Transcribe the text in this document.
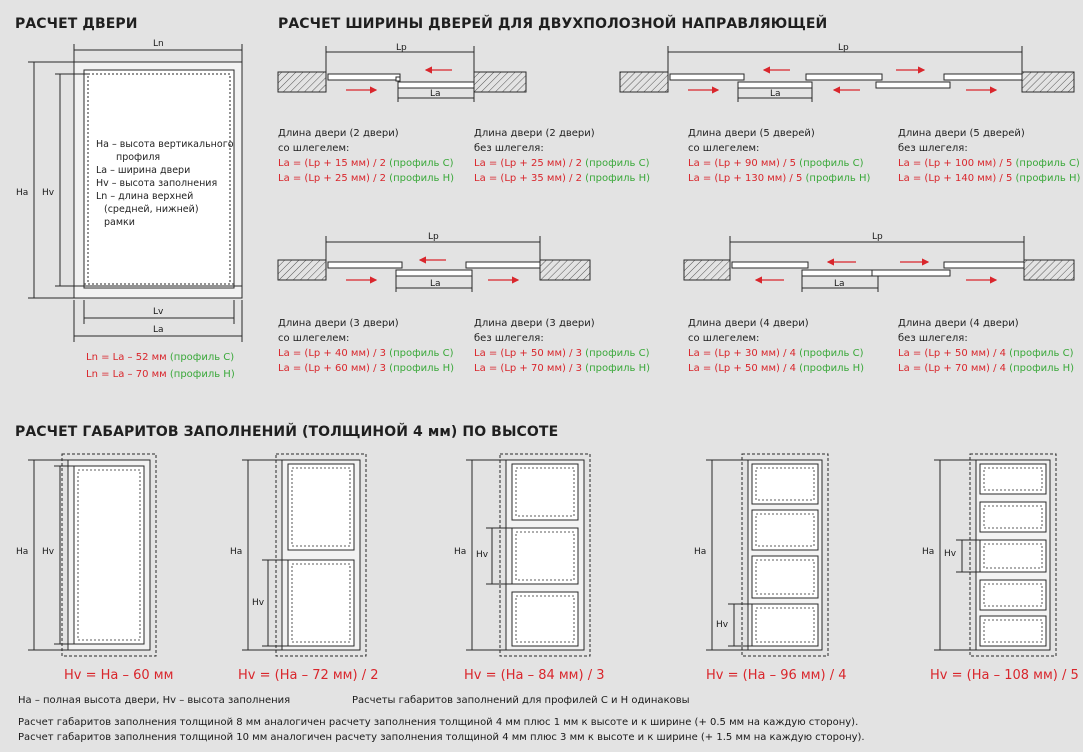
РАСЧЕТ ДВЕРИ	РАСЧЕТ ШИРИНЫ ДВЕРЕЙ ДЛЯ ДВУХПОЛОЗНОЙ НАПРАВЛЯЮЩЕЙ
РАСЧЕТ ГАБАРИТОВ ЗАПОЛНЕНИЙ (ТОЛЩИНОЙ 4 мм) ПО ВЫСОТЕ
Ln
Ha Hv
Lv
La
Ha – высота вертикального
профиля
La – ширина двери
Hv – высота заполнения
Ln – длина верхней
(средней, нижней)
рамки
Ln = La – 52 мм (профиль С)
Ln = La – 70 мм (профиль Н)
Lp
La
Lp
La
Lp
La
Lp
La
Длина двери (2 двери)
со шлегелем:
La = (Lp + 15 мм) / 2 (профиль С)
La = (Lp + 25 мм) / 2 (профиль Н)
Длина двери (2 двери)
без шлегеля:
La = (Lp + 25 мм) / 2 (профиль С)
La = (Lp + 35 мм) / 2 (профиль Н)
Длина двери (5 дверей)
со шлегелем:
La = (Lp + 90 мм) / 5 (профиль С)
La = (Lp + 130 мм) / 5 (профиль Н)
Длина двери (5 дверей)
без шлегеля:
La = (Lp + 100 мм) / 5 (профиль С)
La = (Lp + 140 мм) / 5 (профиль Н)
Длина двери (3 двери)
со шлегелем:
La = (Lp + 40 мм) / 3 (профиль С)
La = (Lp + 60 мм) / 3 (профиль Н)
Длина двери (3 двери)
без шлегеля:
La = (Lp + 50 мм) / 3 (профиль С)
La = (Lp + 70 мм) / 3 (профиль Н)
Длина двери (4 двери)
со шлегелем:
La = (Lp + 30 мм) / 4 (профиль С)
La = (Lp + 50 мм) / 4 (профиль Н)
Длина двери (4 двери)
без шлегеля:
La = (Lp + 50 мм) / 4 (профиль С)
La = (Lp + 70 мм) / 4 (профиль Н)
Ha Hv	Ha
Hv
Ha Hv	Ha
Hv
Ha Hv
Hv = Ha – 60 мм	Hv = (Ha – 72 мм) / 2	Hv = (Ha – 84 мм) / 3	Hv = (Ha – 96 мм) / 4	Hv = (Ha – 108 мм) / 5
Ha – полная высота двери, Hv – высота заполнения	Расчеты габаритов заполнений для профилей С и Н одинаковы
Расчет габаритов заполнения толщиной 8 мм аналогичен расчету заполнения толщиной 4 мм плюс 1 мм к высоте и к ширине (+ 0.5 мм на каждую сторону).
Расчет габаритов заполнения толщиной 10 мм аналогичен расчету заполнения толщиной 4 мм плюс 3 мм к высоте и к ширине (+ 1.5 мм на каждую сторону).
